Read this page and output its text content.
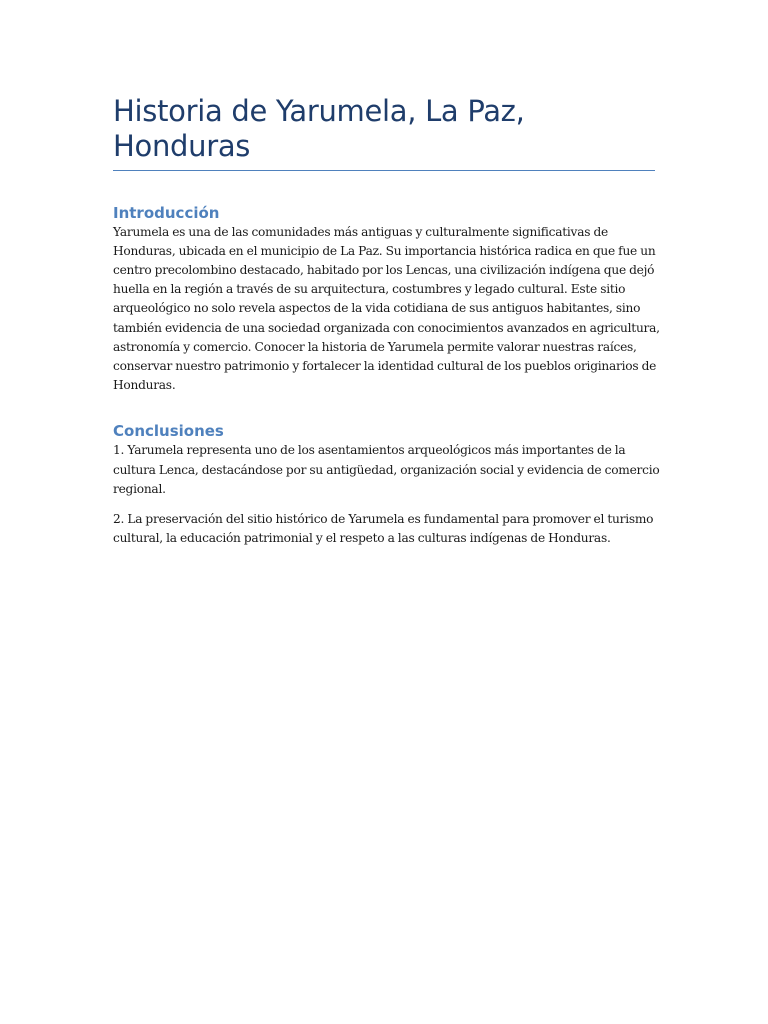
Historia de Yarumela, La Paz, Honduras
Introducción

Yarumela es una de las comunidades más antiguas y culturalmente significativas de Honduras, ubicada en el municipio de La Paz. Su importancia histórica radica en que fue un centro precolombino destacado, habitado por los Lencas, una civilización indígena que dejó huella en la región a través de su arquitectura, costumbres y legado cultural. Este sitio arqueológico no solo revela aspectos de la vida cotidiana de sus antiguos habitantes, sino también evidencia de una sociedad organizada con conocimientos avanzados en agricultura, astronomía y comercio. Conocer la historia de Yarumela permite valorar nuestras raíces, conservar nuestro patrimonio y fortalecer la identidad cultural de los pueblos originarios de Honduras.

Conclusiones

1. Yarumela representa uno de los asentamientos arqueológicos más importantes de la cultura Lenca, destacándose por su antigüedad, organización social y evidencia de comercio regional.

2. La preservación del sitio histórico de Yarumela es fundamental para promover el turismo cultural, la educación patrimonial y el respeto a las culturas indígenas de Honduras.
